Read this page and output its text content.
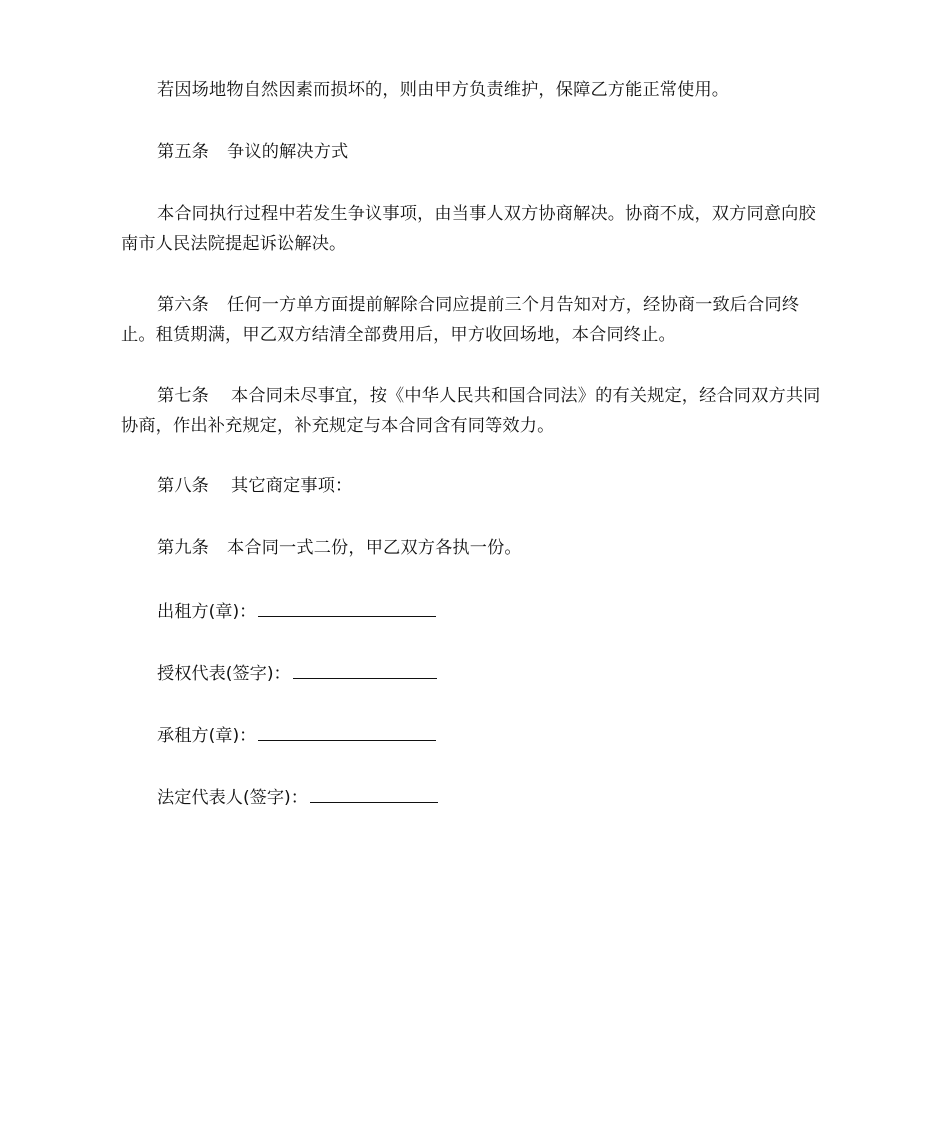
若因场地物自然因素而损坏的，则由甲方负责维护，保障乙方能正常使用。

第五条 争议的解决方式

本合同执行过程中若发生争议事项，由当事人双方协商解决。协商不成，双方同意向胶南市人民法院提起诉讼解决。

第六条 任何一方单方面提前解除合同应提前三个月告知对方，经协商一致后合同终止。租赁期满，甲乙双方结清全部费用后，甲方收回场地，本合同终止。

第七条 本合同未尽事宜，按《中华人民共和国合同法》的有关规定，经合同双方共同协商，作出补充规定，补充规定与本合同含有同等效力。

第八条 其它商定事项：

第九条 本合同一式二份，甲乙双方各执一份。

出租方(章)：

授权代表(签字)：

承租方(章)：

法定代表人(签字)：
